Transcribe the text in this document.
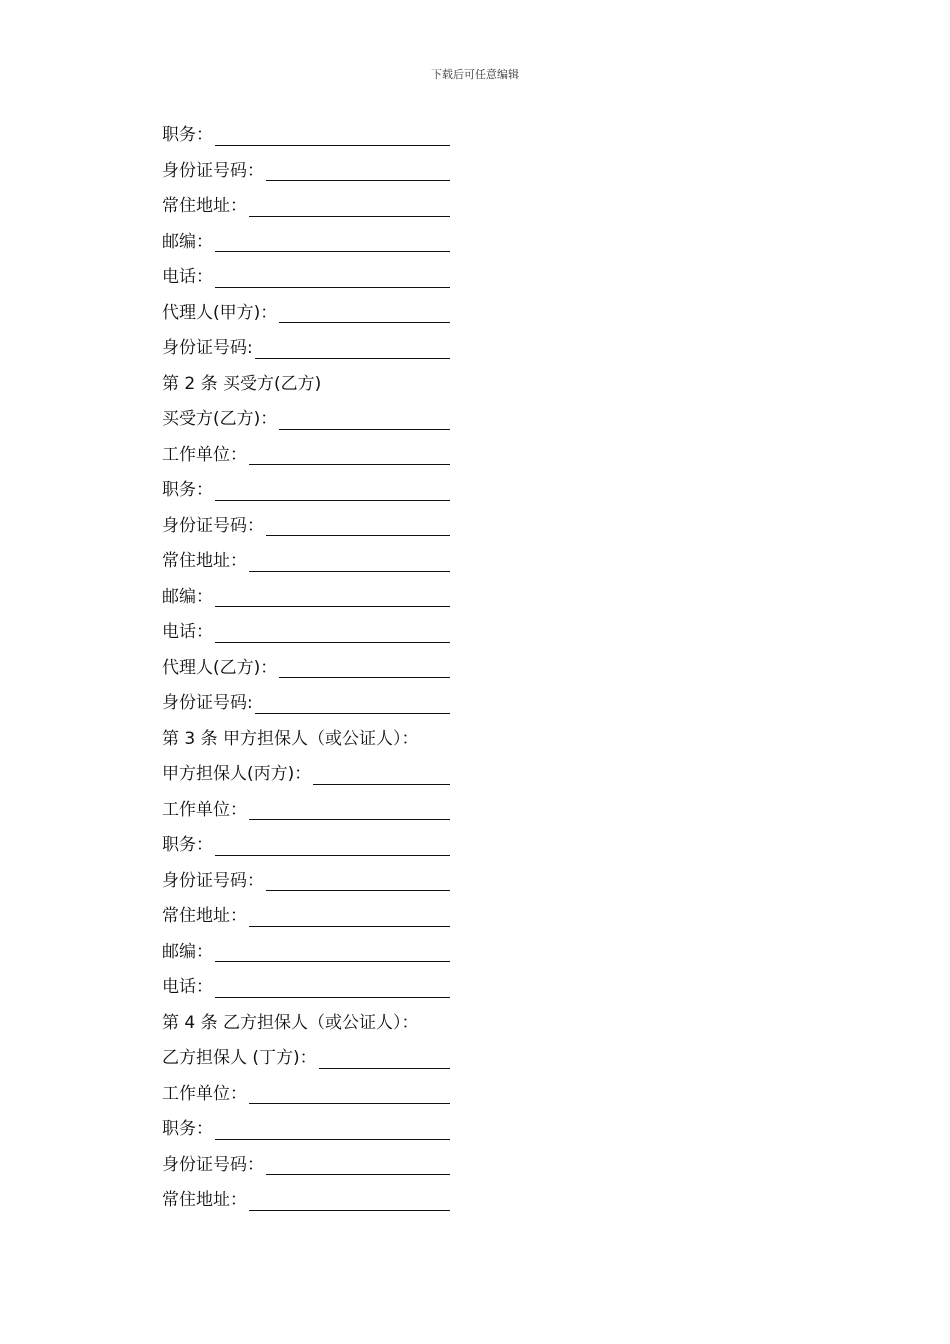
下载后可任意编辑
职务：
身份证号码：
常住地址：
邮编：
电话：
代理人(甲方)：
身份证号码:
第 2 条 买受方(乙方)
买受方(乙方)：
工作单位：
职务：
身份证号码：
常住地址：
邮编：
电话：
代理人(乙方)：
身份证号码:
第 3 条 甲方担保人（或公证人）：
甲方担保人(丙方)：
工作单位：
职务：
身份证号码：
常住地址：
邮编：
电话：
第 4 条 乙方担保人（或公证人）：
乙方担保人 (丁方)：
工作单位：
职务：
身份证号码：
常住地址：
